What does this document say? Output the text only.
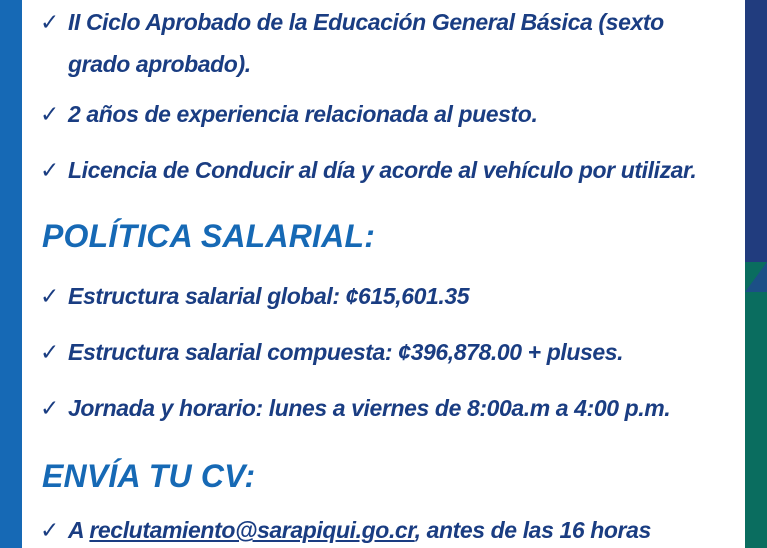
✓ II Ciclo Aprobado de la Educación General Básica (sexto
grado aprobado).
✓ 2 años de experiencia relacionada al puesto.
✓ Licencia de Conducir al día y acorde al vehículo por utilizar.
POLÍTICA SALARIAL:
✓ Estructura salarial global: ¢615,601.35
✓ Estructura salarial compuesta: ¢396,878.00 + pluses.
✓ Jornada y horario: lunes a viernes de 8:00a.m a 4:00 p.m.
ENVÍA TU CV:
✓ A reclutamiento@sarapiqui.go.cr, antes de las 16 horas
